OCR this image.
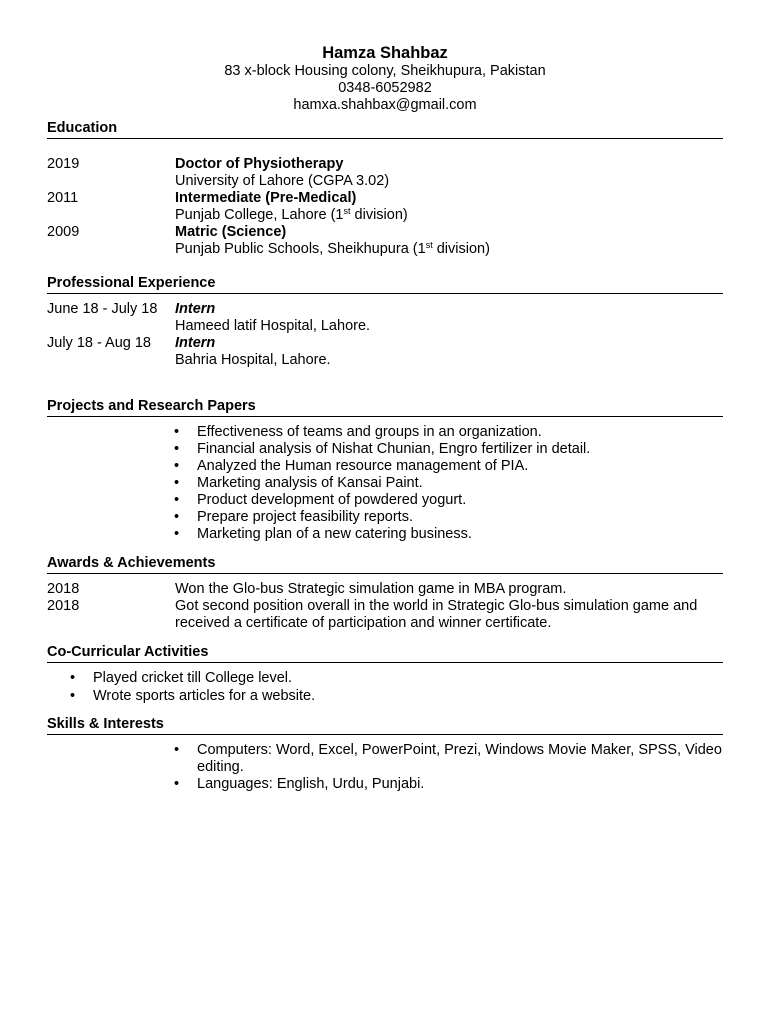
Hamza Shahbaz
83 x-block Housing colony, Sheikhupura, Pakistan
0348-6052982
hamxa.shahbax@gmail.com
Education
2019	Doctor of Physiotherapy
University of Lahore (CGPA 3.02)
2011	Intermediate (Pre-Medical)
Punjab College, Lahore (1st division)
2009	Matric (Science)
Punjab Public Schools, Sheikhupura (1st division)
Professional Experience
June 18 - July 18	Intern
Hameed latif Hospital, Lahore.
July 18 - Aug 18	Intern
Bahria Hospital, Lahore.
Projects and Research Papers
• Effectiveness of teams and groups in an organization.
• Financial analysis of Nishat Chunian, Engro fertilizer in detail.
• Analyzed the Human resource management of PIA.
• Marketing analysis of Kansai Paint.
• Product development of powdered yogurt.
• Prepare project feasibility reports.
• Marketing plan of a new catering business.
Awards & Achievements
2018	Won the Glo-bus Strategic simulation game in MBA program.
2018	Got second position overall in the world in Strategic Glo-bus simulation game and received a certificate of participation and winner certificate.
Co-Curricular Activities
• Played cricket till College level.
• Wrote sports articles for a website.
Skills & Interests
• Computers: Word, Excel, PowerPoint, Prezi, Windows Movie Maker, SPSS, Video editing.
• Languages: English, Urdu, Punjabi.
